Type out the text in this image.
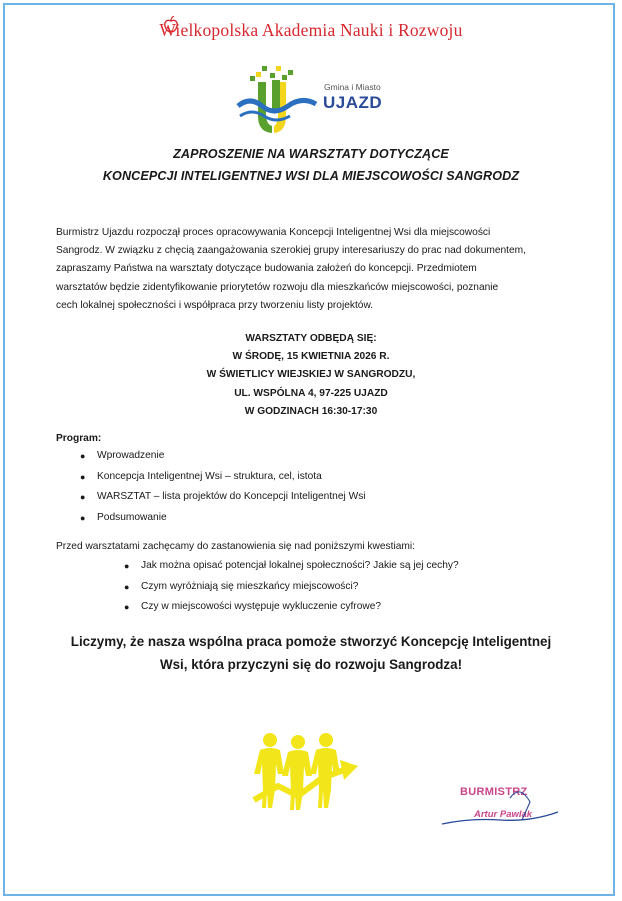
Wielkopolska Akademia Nauki i Rozwoju
Gmina i Miasto
UJAZD
ZAPROSZENIE NA WARSZTATY DOTYCZĄCE
KONCEPCJI INTELIGENTNEJ WSI DLA MIEJSCOWOŚCI SANGRODZ
Burmistrz Ujazdu rozpoczął proces opracowywania Koncepcji Inteligentnej Wsi dla miejscowości
Sangrodz. W związku z chęcią zaangażowania szerokiej grupy interesariuszy do prac nad dokumentem,
zapraszamy Państwa na warsztaty dotyczące budowania założeń do koncepcji. Przedmiotem
warsztatów będzie zidentyfikowanie priorytetów rozwoju dla mieszkańców miejscowości, poznanie
cech lokalnej społeczności i współpraca przy tworzeniu listy projektów.
WARSZTATY ODBĘDĄ SIĘ:
W ŚRODĘ, 15 KWIETNIA 2026 R.
W ŚWIETLICY WIEJSKIEJ W SANGRODZU,
UL. WSPÓLNA 4, 97-225 UJAZD
W GODZINACH 16:30-17:30
Program:
● Wprowadzenie
● Koncepcja Inteligentnej Wsi – struktura, cel, istota
● WARSZTAT – lista projektów do Koncepcji Inteligentnej Wsi
● Podsumowanie
Przed warsztatami zachęcamy do zastanowienia się nad poniższymi kwestiami:
● Jak można opisać potencjał lokalnej społeczności? Jakie są jej cechy?
● Czym wyróżniają się mieszkańcy miejscowości?
● Czy w miejscowości występuje wykluczenie cyfrowe?
Liczymy, że nasza wspólna praca pomoże stworzyć Koncepcję Inteligentnej
Wsi, która przyczyni się do rozwoju Sangrodza!
BURMISTRZ
Artur Pawlak
